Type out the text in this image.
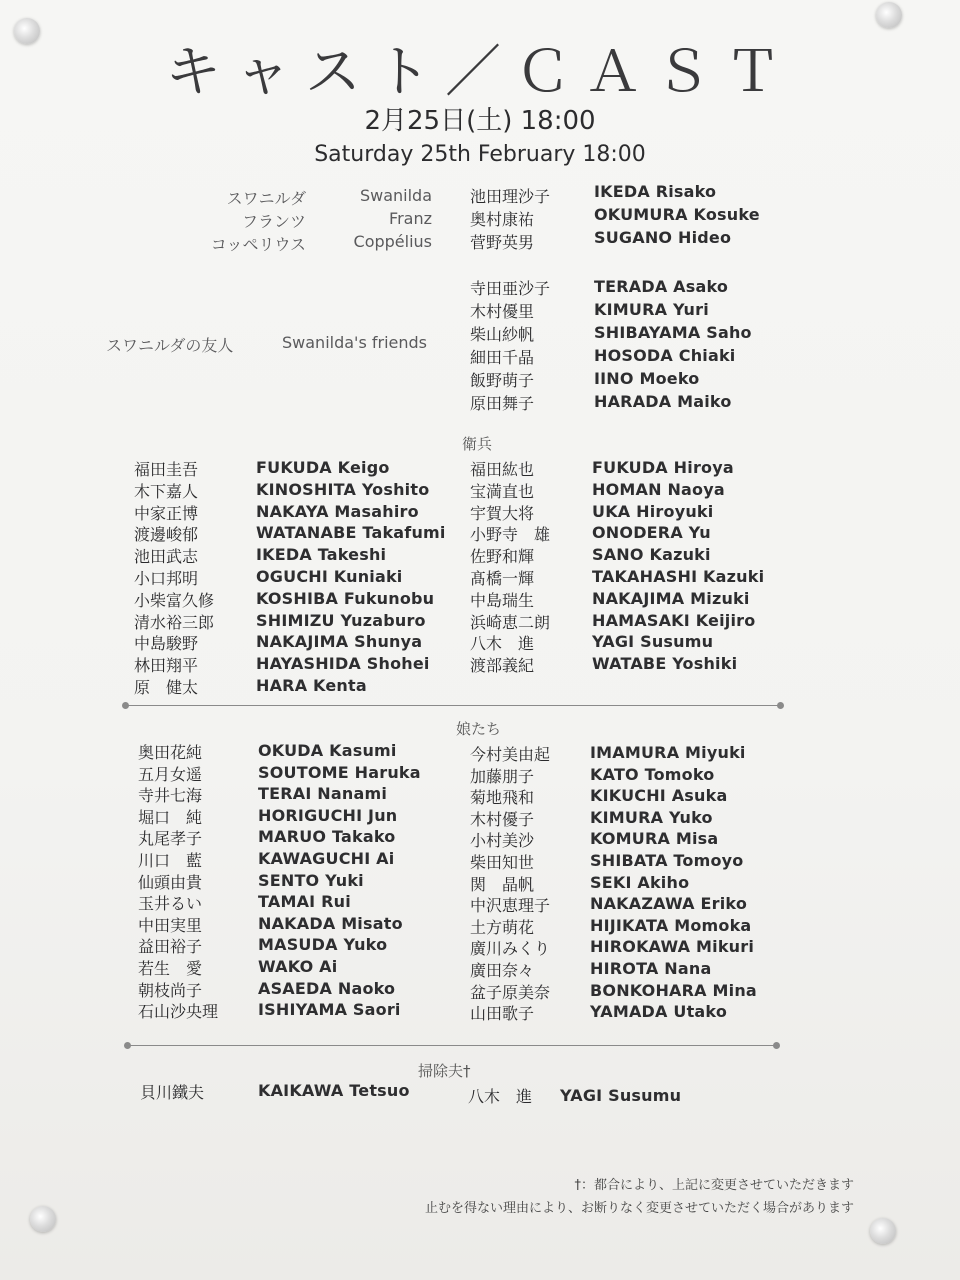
キャスト／ＣＡＳＴ
2月25日(土) 18:00
Saturday 25th February 18:00
スワニルダ	Swanilda 池田理沙子	IKEDA Risako
フランツ	Franz 奥村康祐	OKUMURA Kosuke
コッペリウス	Coppélius 菅野英男	SUGANO Hideo
スワニルダの友人	Swanilda's friends
寺田亜沙子	TERADA Asako
木村優里	KIMURA Yuri
柴山紗帆	SHIBAYAMA Saho
細田千晶	HOSODA Chiaki
飯野萌子	IINO Moeko
原田舞子	HARADA Maiko
衛兵
福田圭吾	FUKUDA Keigo
木下嘉人	KINOSHITA Yoshito
中家正博	NAKAYA Masahiro
渡邊峻郁	WATANABE Takafumi
池田武志	IKEDA Takeshi
小口邦明	OGUCHI Kuniaki
小柴富久修	KOSHIBA Fukunobu
清水裕三郎	SHIMIZU Yuzaburo
中島駿野	NAKAJIMA Shunya
林田翔平	HAYASHIDA Shohei
原　健太	HARA Kenta
福田紘也	FUKUDA Hiroya
宝満直也	HOMAN Naoya
宇賀大将	UKA Hiroyuki
小野寺　雄	ONODERA Yu
佐野和輝	SANO Kazuki
髙橋一輝	TAKAHASHI Kazuki
中島瑞生	NAKAJIMA Mizuki
浜崎恵二朗	HAMASAKI Keijiro
八木　進	YAGI Susumu
渡部義紀	WATABE Yoshiki
娘たち
奥田花純	OKUDA Kasumi
五月女遥	SOUTOME Haruka
寺井七海	TERAI Nanami
堀口　純	HORIGUCHI Jun
丸尾孝子	MARUO Takako
川口　藍	KAWAGUCHI Ai
仙頭由貴	SENTO Yuki
玉井るい	TAMAI Rui
中田実里	NAKADA Misato
益田裕子	MASUDA Yuko
若生　愛	WAKO Ai
朝枝尚子	ASAEDA Naoko
石山沙央理 ISHIYAMA Saori
今村美由起 IMAMURA Miyuki
加藤朋子	KATO Tomoko
菊地飛和	KIKUCHI Asuka
木村優子	KIMURA Yuko
小村美沙	KOMURA Misa
柴田知世	SHIBATA Tomoyo
関　晶帆	SEKI Akiho
中沢恵理子 NAKAZAWA Eriko
土方萌花	HIJIKATA Momoka
廣川みくり HIROKAWA Mikuri
廣田奈々	HIROTA Nana
盆子原美奈 BONKOHARA Mina
山田歌子	YAMADA Utako
掃除夫†
貝川鐵夫	KAIKAWA Tetsuo	八木　進 YAGI Susumu
†：都合により、上記に変更させていただきます
止むを得ない理由により、お断りなく変更させていただく場合があります
